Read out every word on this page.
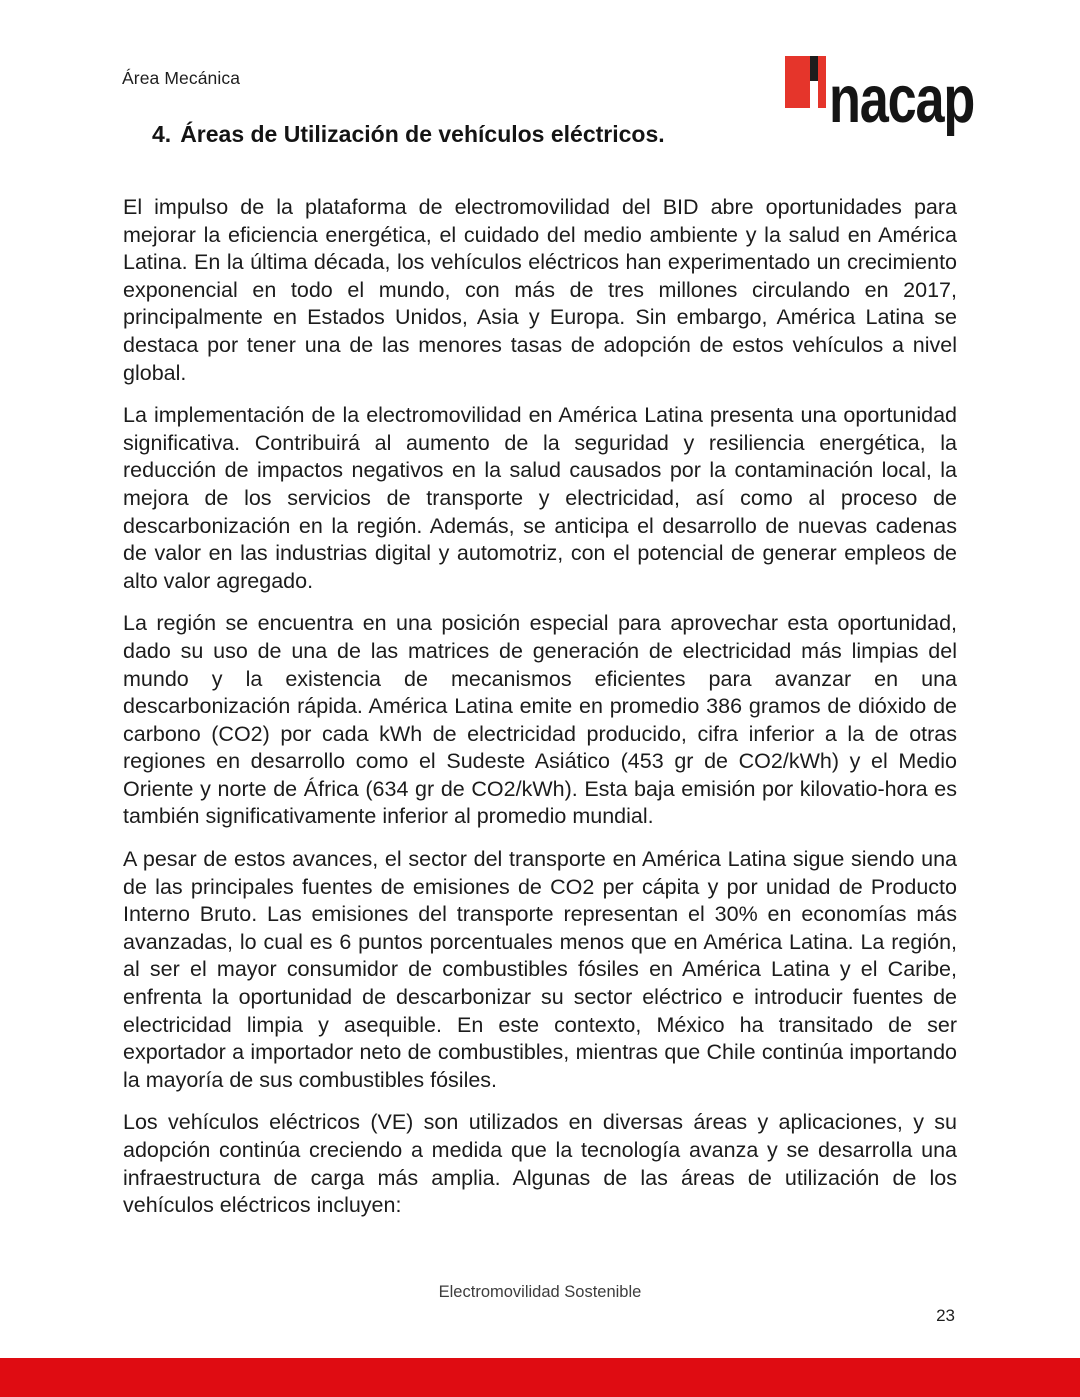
Área Mecánica	nacap
4. Áreas de Utilización de vehículos eléctricos.

El impulso de la plataforma de electromovilidad del BID abre oportunidades para mejorar la eficiencia energética, el cuidado del medio ambiente y la salud en América Latina. En la última década, los vehículos eléctricos han experimentado un crecimiento exponencial en todo el mundo, con más de tres millones circulando en 2017, principalmente en Estados Unidos, Asia y Europa. Sin embargo, América Latina se destaca por tener una de las menores tasas de adopción de estos vehículos a nivel global.

La implementación de la electromovilidad en América Latina presenta una oportunidad significativa. Contribuirá al aumento de la seguridad y resiliencia energética, la reducción de impactos negativos en la salud causados por la contaminación local, la mejora de los servicios de transporte y electricidad, así como al proceso de descarbonización en la región. Además, se anticipa el desarrollo de nuevas cadenas de valor en las industrias digital y automotriz, con el potencial de generar empleos de alto valor agregado.

La región se encuentra en una posición especial para aprovechar esta oportunidad, dado su uso de una de las matrices de generación de electricidad más limpias del mundo y la existencia de mecanismos eficientes para avanzar en una descarbonización rápida. América Latina emite en promedio 386 gramos de dióxido de carbono (CO2) por cada kWh de electricidad producido, cifra inferior a la de otras regiones en desarrollo como el Sudeste Asiático (453 gr de CO2/kWh) y el Medio Oriente y norte de África (634 gr de CO2/kWh). Esta baja emisión por kilovatio-hora es también significativamente inferior al promedio mundial.

A pesar de estos avances, el sector del transporte en América Latina sigue siendo una de las principales fuentes de emisiones de CO2 per cápita y por unidad de Producto Interno Bruto. Las emisiones del transporte representan el 30% en economías más avanzadas, lo cual es 6 puntos porcentuales menos que en América Latina. La región, al ser el mayor consumidor de combustibles fósiles en América Latina y el Caribe, enfrenta la oportunidad de descarbonizar su sector eléctrico e introducir fuentes de electricidad limpia y asequible. En este contexto, México ha transitado de ser exportador a importador neto de combustibles, mientras que Chile continúa importando la mayoría de sus combustibles fósiles.

Los vehículos eléctricos (VE) son utilizados en diversas áreas y aplicaciones, y su adopción continúa creciendo a medida que la tecnología avanza y se desarrolla una infraestructura de carga más amplia. Algunas de las áreas de utilización de los vehículos eléctricos incluyen:

Electromovilidad Sostenible
23
